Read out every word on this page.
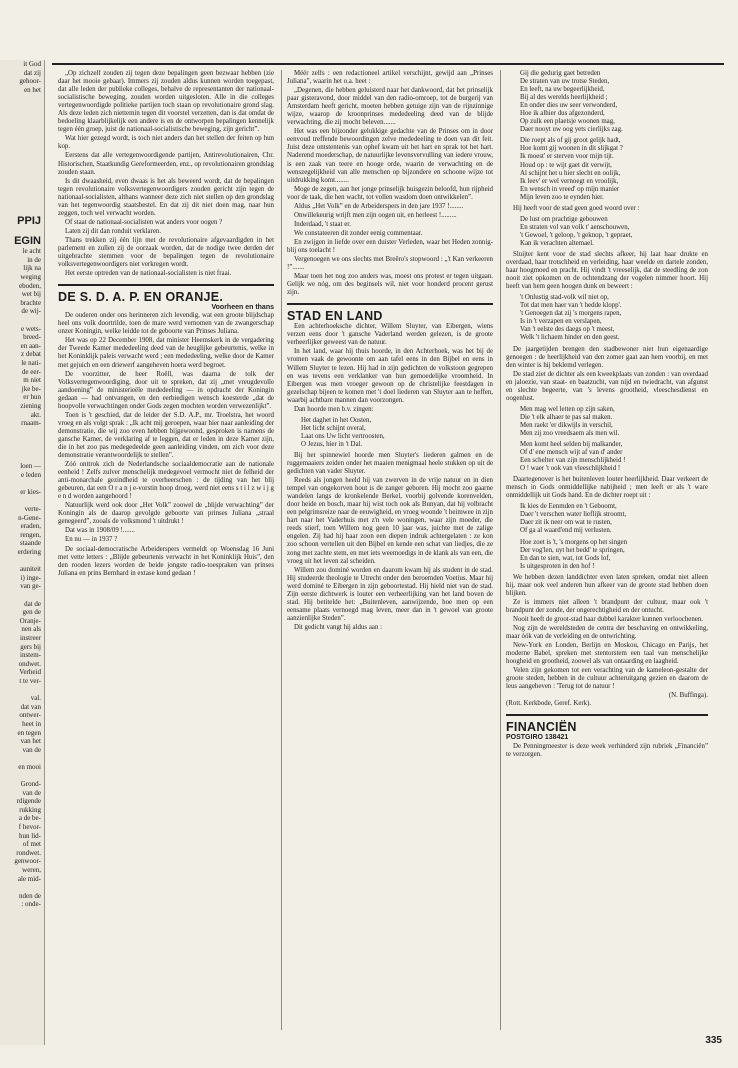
it God
dat zij
gehoor-
en het

PPIJ

EGIN
le acht
in de
lijk na
weging
eboden,
wet bij
brachte
de wij-

e wets-
breed-
en aan-
z debat
le nati-
de eer-
m niet
jke be-
er hun
ziening
akt.
rnaam-

loen —
e leden

er kies-

verte-
n-Gene-
eraden,
rengen,
staande
erdering

auniteit
i) inge-
van ge-

dat de
gen de
Oranje-
nen als
instreer
gers bij
instem-
ondwet.
Verheid
t te ver-

val.
dat van
ontwer-
heet in
en tegen
van het
van de

en mooi

Grond-
van de
rdigende
rukking
a de be-
f hevor-
hun lid-
of met
rondwet.
genwoor-
weren,
ale mid-

nden de
: onde-

„Op zichzelf zouden zij tegen deze bepalingen geen bezwaar hebben (zie daar het mooie gebaar). Immers zij zouden aldus kunnen worden toegepast, dat alle leden der publieke colleges, behalve de representanten der nationaal-socialistische beweging, zouden worden uitgesloten. Alle in die colleges vertegenwoordigde politieke partijen toch staan op revolutionaire grond slag. Als deze leden zich niettemin tegen dit voorstel verzetten, dan is dat omdat de bedoeling klaarblijkelijk een andere is en de ontworpen bepalingen kennelijk tegen één groep, juist de nationaal-socialistische beweging, zijn gericht”.

Wat hier gezegd wordt, is toch niet anders dan het stellen der feiten op hun kop.

Eerstens dat alle vertegenwoordigende partijen, Antirevolutionairen, Chr. Historischen, Staatkundig Gereformeerden, enz., op revolutionairen grondslag zouden staan.

Is dit dwaasheid, even dwaas is het als beweerd wordt, dat de bepalingen tegen revolutionaire volksvertegenwoordigers zouden gericht zijn tegen de nationaal-socialisten, althans wanneer deze zich niet stellen op den grondslag van het tegenwoordig staatsbestel. En dat zij dit niet doen mag, naar hun zeggen, toch wel verwacht worden.

Of staat de nationaal-socialisten wat anders voor oogen ?

Laten zij dit dan ronduit verklaren.

Thans trekken zij één lijn met de revolutionaire afgevaardigden in het parlement en zullen zij de oorzaak worden, dat de nodige twee derden der uitgebrachte stemmen voor de bepalingen tegen de revolutionaire volksvertegenwoordigers niet verkregen wordt.

Het eerste optreden van de nationaal-socialisten is niet fraai.

DE S. D. A. P. EN ORANJE.
Voorheen en thans

De ouderen onder ons herinneren zich levendig, wat een groote blijdschap heel ons volk doortrilde, toen de mare werd vernomen van de zwangerschap onzer Koningin, welke leidde tot de geboorte van Prinses Juliana.

Het was op 22 December 1908, dat minister Heemskerk in de vergadering der Tweede Kamer mededeeling deed van de heuglijke gebeurtenis, welke in het Koninklijk paleis verwacht werd ; een mededeeling, welke door de Kamer met gejuich en een driewerf aangeheven hoera werd begroet.

De voorzitter, de heer Roëll, was daarna de tolk der Volksvertegenwoordiging, door uit te spreken, dat zij „met vreugdevolle aandoening” de ministerieële mededeeling — in opdracht der Koningin gedaan — had ontvangen, en den eerbiedigen wensch koesterde „dat de hoopvolle verwachtingen onder Gods zegen mochten worden verwezenlijkt”.

Toen is 't geschied, dat de leider der S.D. A.P., mr. Troelstra, het woord vroeg en als volgt sprak : „Ik acht mij geroepen, waar hier naar aanleiding der demonstratie, die wij zoo even hebben bijgewoond, gesproken is namens de gansche Kamer, de verklaring af te leggen, dat er leden in deze Kamer zijn, die in het zoo pas medegedeelde geen aanleiding vinden, om zich voor deze demonstratie verantwoordelijk te stellen”.

Zóó onttrok zich de Nederlandsche sociaaldemocratie aan de nationale eenheid ! Zelfs zulver menschelijk medegevoel vermocht niet de felheid der anti-monarchale gezindheid te overheerschen : de tijding van het blij gebeuren, dat een O r a n j e-vorstin hoop droeg, werd niet eens s t i l z w i j g e n d worden aangehoord !

Natuurlijk werd ook door „Het Volk” zoowel de „blijde verwachting” der Koningin als de daarop gevolgde geboorte van prinses Juliana „straal genegeerd”, zooals de volksmond 't uitdrukt !

Dat was in 1908/09 !.......

En nu — in 1937 ?

De sociaal-democratische Arbeiderspers vermeldt op Woensdag 16 Juni met vette letters : „Blijde gebeurtenis verwacht in het Koninklijk Huis”, den den rooden lezers worden de beide jongste radio-toespraken van prinses Juliana en prins Bernhard in extase kond gedaan !

Méér zelfs : een redactioneel artikel verschijnt, gewijd aan „Prinses Juliana”, waarin het o.a. heet :

„Degenen, die hebben geluisterd naar het dankwoord, dat het prinselijk paar gisteravond, door middel van den radio-omroep, tot de burgerij van Amsterdam heeft gericht, moeten hebben getuige zijn van de rijnzinnige wijze, waarop de kroonprinses mededeeling deed van de blijde verwachting, die zij mocht beleven.......

Het was een bijzonder gelukkige gedachte van de Prinses om in door eenvoud treffende bewoordingen zelve mededeeling te doen van dit feit. Juist deze ontstentenis van ophef kwam uit het hart en sprak tot het hart. Naderend moederschap, de natuurlijke levensvervulling van iedere vrouw, is een zaak van teere en hooge orde, waarin de verwachting en de wenszegelijkheid van alle menschen op bijzondere en schoone wijze tot uitdrukking komt........

Moge de zegen, aan het jonge prinselijk huisgezin beloofd, hun rijpheid voor de taak, die hen wacht, tot vollen wasdom doen ontwikkelen”.

Aldus „Het Volk” en de Arbeiderspers in den jare 1937 !........

Onwillekeurig wrijft men zijn oogen uit, en herleest !.........

Inderdaad, 't staat er.

We constateeren dit zonder eenig commentaar.

En zwijgen in liefde over een duister Verleden, waar het Heden zonnig-blij ons toelacht !

Vergenoegen we ons slechts met Breêro's stopwoord : „'t Kan verkeeren !”.......

Maar toen het nog zoo anders was, moest ons protest er tegen uitgaan. Gelijk we nóg, om des beginsels wil, niet voor honderd procent gerust zijn.

STAD EN LAND

Een achterhoeksche dichter, Willem Sluyter, van Eibergen, wiens verzen eens door 't gansche Vaderland werden gelezen, is de groote verheerlijker geweest van de natuur.

In het land, waar hij thuis hoorde, in den Achterhoek, was het bij de vromen vaak de gewoonte om aan tafel eens in den Bijbel en eens in Willem Sluyter te lezen. Hij had in zijn gedichten de volkstoon gegrepen en was tevens een verklanker van hun gemoedelijke vroomheid. In Eibergen was men vroeger gewoon op de christelijke feestdagen in gezelschap bijeen te komen met 't doel liederen van Sluyter aan te heffen, waarbij achtbare mannen dan voorzongen.

Dan hoorde men b.v. zingen:

Het daghet in het Oosten,
Het licht schijnt overal,
Laat ons Uw licht vertroosten,
O Jezus, hier in 't Dal.

Bij het spinnewiel hoorde men Sluyter's liederen galmen en de ruggemaaiers zeiden onder het maaien menigmaal heele stukken op uit de gedichten van vader Sluyter.

Reeds als jongen heeld hij van zwerven in de vrije natuur en in dien tempel van ongekorven hout is de zanger geboren. Hij mocht zoo gaarne wandelen langs de kronkelende Berkel, voorbij golvende korenvelden, door heide en bosch, maar hij wist toch ook als Bunyan, dat hij volbracht een pelgrimsreize naar de eeuwigheid, en vroeg woonde 't heimwee in zijn hart naar het Vaderhuis met z'n vele woningen, waar zijn moeder, die reeds stierf, toen Willem nog geen 10 jaar was, juichte met de zalige engelen. Zij had hij haar zoon een diepen indruk achtergelaten : ze kon zoo schoon vertellen uit den Bijbel en kende een schat van liedjes, die ze zong met zachte stem, en met iets weemoedigs in de klank als van een, die vroeg uit het leven zal scheiden.

Willem zou dominé worden en daarom kwam hij als student in de stad. Hij studeerde theologie te Utrecht onder den beroemden Voetius. Maar hij werd dominé te Eibergen in zijn geboortestad. Hij hield niet van de stad. Zijn eerste dichtwerk is louter een verheerlijking van het land boven de stad. Hij betitelde het: „Buitenleven, aanwijzende, hoe men op een eensame plaats vernoegd mag leven, meer dan in 't gewoel van groote aanzienlijke Steden”.

Dit gedicht vangt hij aldus aan :

Gij die gedurig gaet betreden
De straten van uw trotse Steden,
En leeft, na uw begeerlijkheid,
Bij al des werelds heerlijkheid ;
En onder dies uw seer verwonderd,
Hoe ik alhier dus afgezonderd,
Op zulk een plaetsje woonen mag,
Daer nooyt uw oog yets cierlijks zag.
Die roept als of gij groot gelijk hadt,
Hoe komt gij woonen in dit slijkgat ?
Ik moest' er sterven voor mijn tijt.
Houd op : te wijt gaet dit verwijt,
Al schijnt het u hier slecht en oolijk,
Ik leev' er wel vernoegt en vroolijk,
En wensch in vreed' op mijn manier
Mijn leven zoo te eynden hier.

Hij heeft voor de stad geen goed woord over :

De lust om prachtige gebouwen
En straten vol van volk t' aenschouwen,
't Gewoel, 't geloop, 't geknop, 't gepraet,
Kan ik verachten altemael.

Sluijter kent voor de stad slechts afkeer, hij laat haar drukte en overdaad, haar trotschheid en verleiding, haar weelde en dartele zonden, haar hoogmoed en pracht. Hij vindt 't vreeselijk, dat de steedling de zon nooit ziet opkomen en de ochtendzang der vogelen nimmer hoort. Hij heeft van hem geen hoogen dunk en beweert :

't Onlustig stad-volk wil niet op,
Tot dat men haer van 't hedde klopp'.
't Genoegen dat zij 's morgens rapen,
Is in 't verzapen en verslapen,
Van 't eelste des daegs op 't meest,
Welk 't lichaem hinder en den geest.

De jaargetijden brengen den stadbewoner niet hun eigenaardige genoegen : de heerlijkheid van den zomer gaat aan hem voorbij, en met den winter is hij beklemd verlegen.

De stad ziet de dichter als een kweekplaats van zonden : van overdaad en jaloezie, van staat- en baatzucht, van nijd en twiedracht, van afgunst en slechte begeerte, van 's levens grootheid, vleeschesdienst en oogenlust.

Men mag wel letten op zijn saken,
Die 't elk alhaer te pas sal maken.
Men raekt 'er dikwijls in verschil,
Men zij zoo vreedsaem als men wil.
Men komt heel selden bij malkander,
Of d' ene mensch wijt af van d' ander
Een schelter van zijn menschlijkheid !
O ! waer 't ook van vleeschlijkheid !

Daartegenover is het buitenleven louter heerlijkheid. Daar verkeert de mensch in Gods onmiddellijke nabijheid ; men leeft er als 't ware onmiddellijk uit Gods hand. En de dichter roept uit :

Ik kies de Eenmden en 't Geboomt,
Daer 't verschen water lieflijk stroomt,
Daer zit ik neer om wat te rusten,
Of ga al waard'end mij verlusten.
Hoe zoet is 't, 's morgens op het singen
Der vog'len, uyt het bedd' te springen,
En dan te sien, wat, tot Gods lof,
Is uitgesproten in den hof !

We hebben dezen landdichter even laten spreken, omdat niet alleen hij, maar ook veel anderen hun afkeer van de groote stad hebben doen blijken.

Ze is immers niet alleen 't brandpunt der cultuur, maar ook 't brandpunt der zonde, der ongerechtigheid en der ontucht.

Nooit heeft de groot-stad haar dubbel karakter kunnen verloochenen.

Nog zijn de wereldsteden de centra der beschaving en ontwikkeling, maar óók van de verleiding en de ontwrichting.

New-York en Londen, Berlijn en Moskou, Chicago en Parijs, het moderne Babel, spreken met stentorstem een taal van menschelijke hoogheid en grootheid, zoowel als van ontaarding en laagheid.

Velen zijn gekomen tot een verachting van de kameleon-gestalte der groote steden, hebben in de cultuur achteruitgang gezien en daarom de leus aangeheven : 'Terug tot de natuur !

(N. Buffinga).

(Rott. Kerkbode, Geref. Kerk).

FINANCIËN
POSTGIRO 138421

De Penningmeester is deze week verhinderd zijn rubriek „Financiën” te verzorgen.

335
